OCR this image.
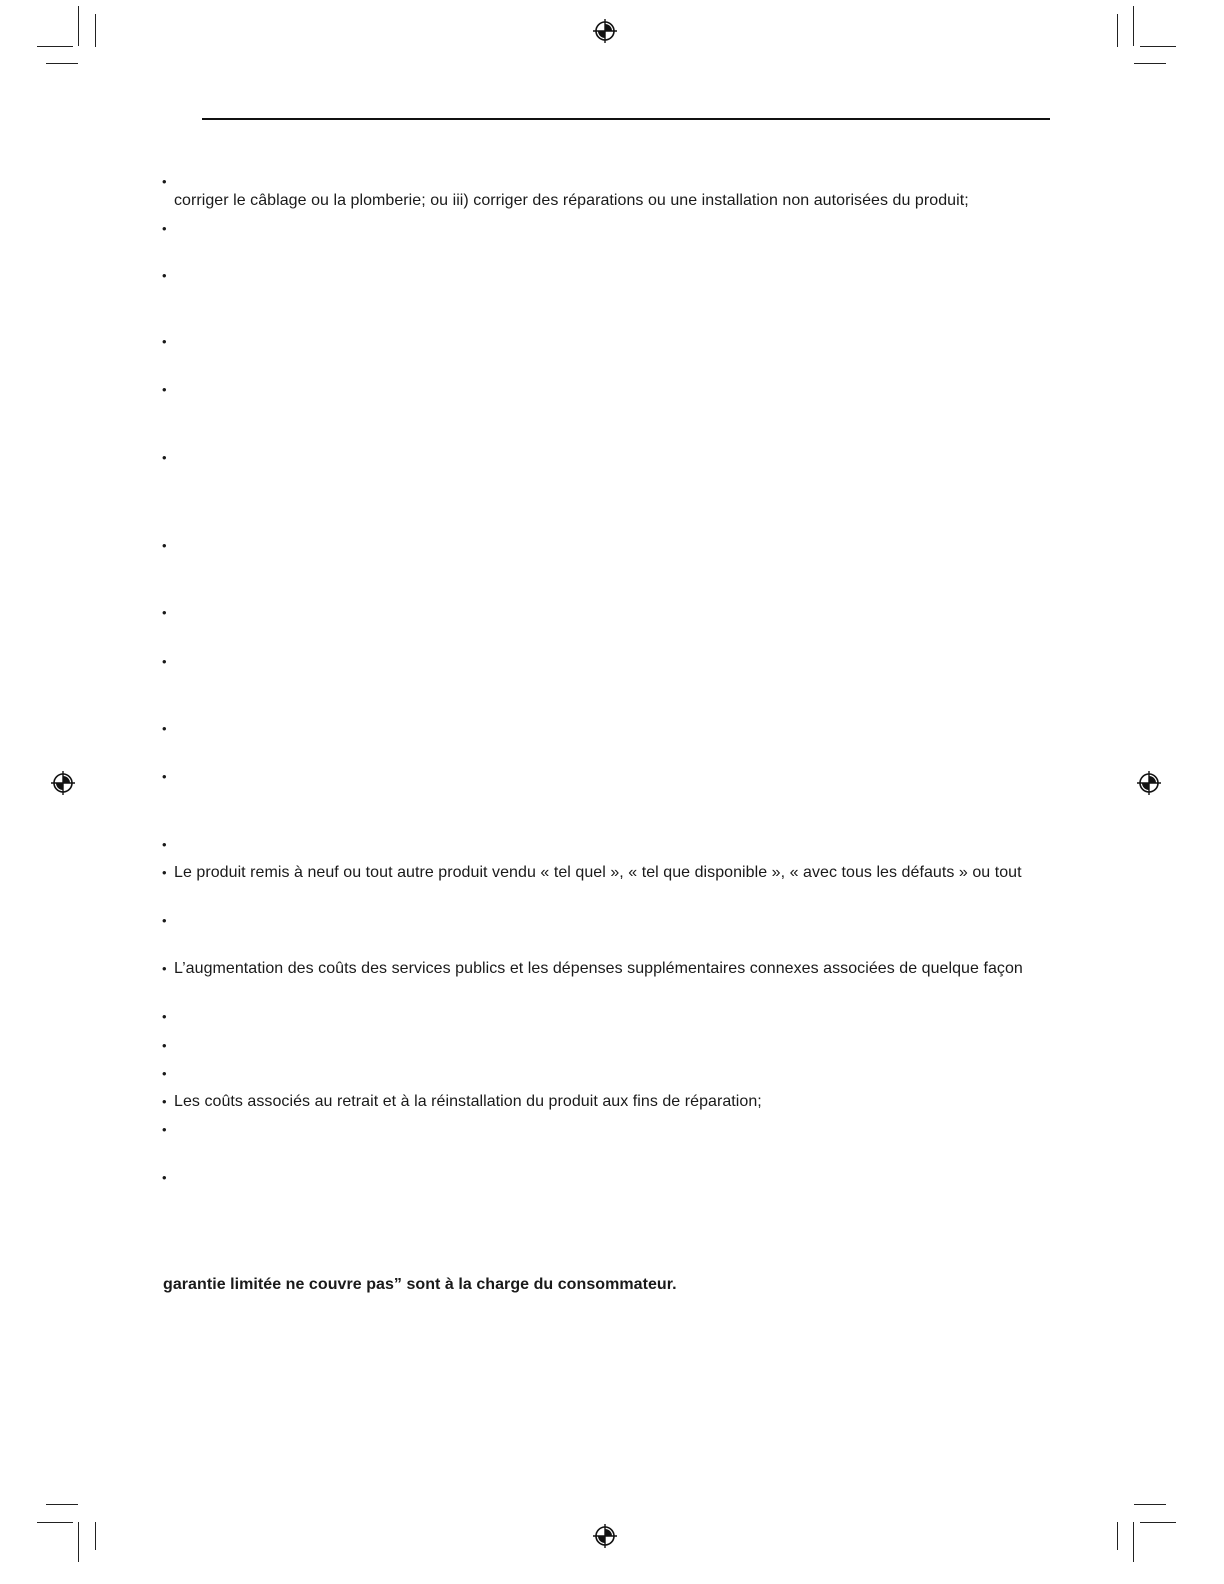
•
•
•
•
•
•
•
•
•
•
•
•
•
•
•
•
•
•
•
•
•
corriger le câblage ou la plomberie; ou iii) corriger des réparations ou une installation non autorisées du produit;
Le produit remis à neuf ou tout autre produit vendu « tel quel », « tel que disponible », « avec tous les défauts » ou tout
L’augmentation des coûts des services publics et les dépenses supplémentaires connexes associées de quelque façon
Les coûts associés au retrait et à la réinstallation du produit aux fins de réparation;
garantie limitée ne couvre pas” sont à la charge du consommateur.
